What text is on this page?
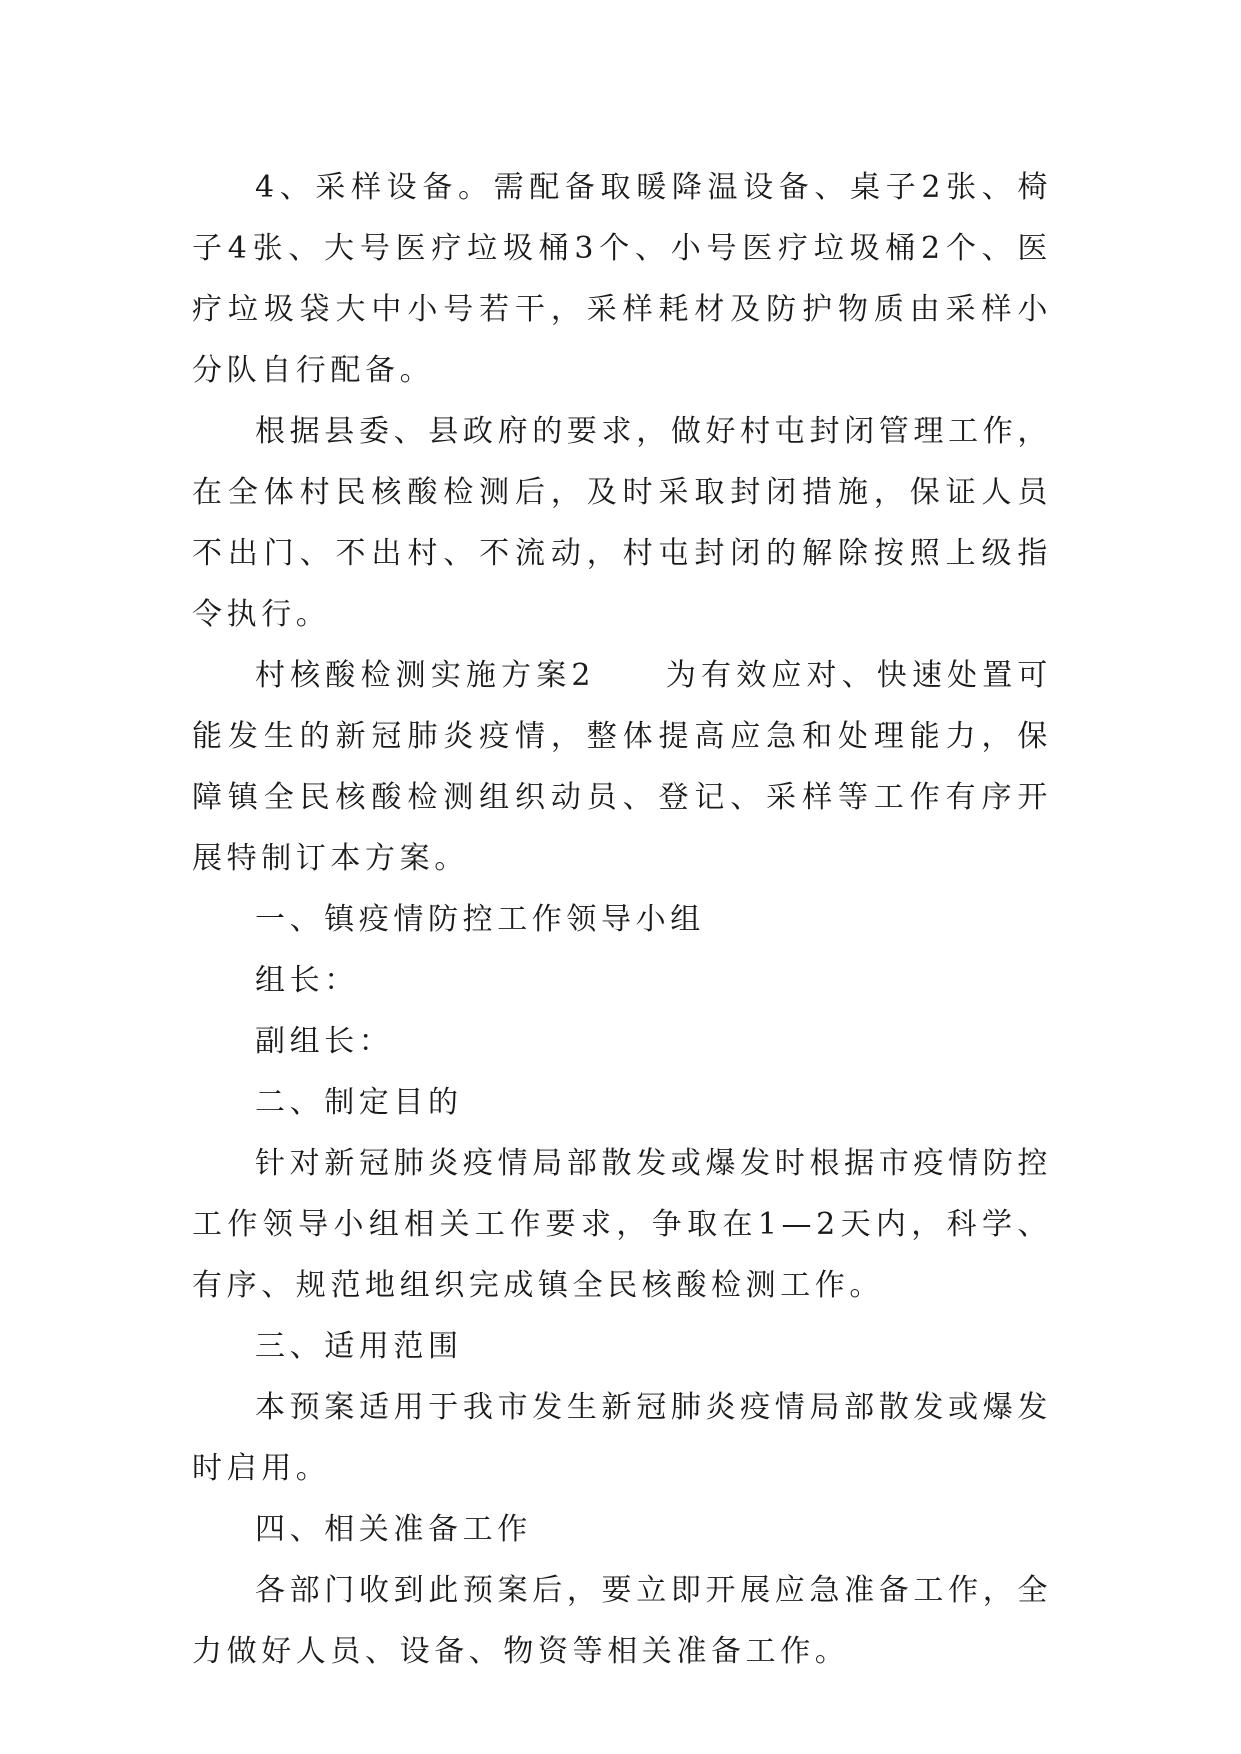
4、采样设备。需配备取暖降温设备、桌子2张、椅子4张、大号医疗垃圾桶3个、小号医疗垃圾桶2个、医疗垃圾袋大中小号若干，采样耗材及防护物质由采样小分队自行配备。

根据县委、县政府的要求，做好村屯封闭管理工作，在全体村民核酸检测后，及时采取封闭措施，保证人员不出门、不出村、不流动，村屯封闭的解除按照上级指令执行。

村核酸检测实施方案2　　为有效应对、快速处置可能发生的新冠肺炎疫情，整体提高应急和处理能力，保障镇全民核酸检测组织动员、登记、采样等工作有序开展特制订本方案。

一、镇疫情防控工作领导小组

组长：

副组长：

二、制定目的

针对新冠肺炎疫情局部散发或爆发时根据市疫情防控工作领导小组相关工作要求，争取在1—2天内，科学、有序、规范地组织完成镇全民核酸检测工作。

三、适用范围

本预案适用于我市发生新冠肺炎疫情局部散发或爆发时启用。

四、相关准备工作

各部门收到此预案后，要立即开展应急准备工作，全力做好人员、设备、物资等相关准备工作。
